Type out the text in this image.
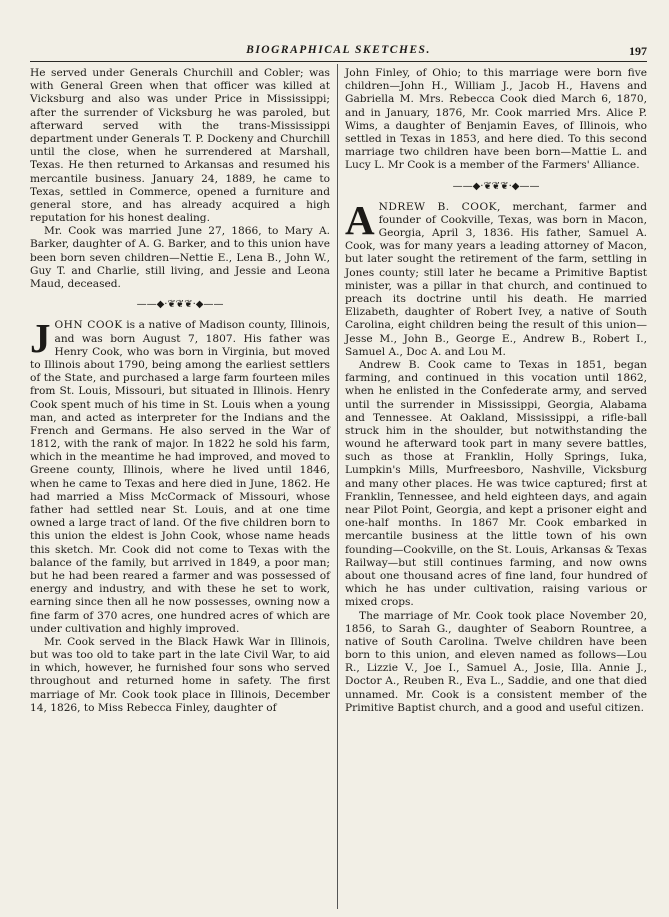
BIOGRAPHICAL SKETCHES.	197

He served under Generals Churchill and Cobler; was with General Green when that officer was killed at Vicksburg and also was under Price in Mississippi; after the surrender of Vicksburg he was paroled, but afterward served with the trans-Mississippi department under Generals T. P. Dockeny and Churchill until the close, when he surrendered at Marshall, Texas. He then returned to Arkansas and resumed his mercantile business. January 24, 1889, he came to Texas, settled in Commerce, opened a furniture and general store, and has already acquired a high reputation for his honest dealing.

Mr. Cook was married June 27, 1866, to Mary A. Barker, daughter of A. G. Barker, and to this union have been born seven children—Nettie E., Lena B., John W., Guy T. and Charlie, still living, and Jessie and Leona Maud, deceased.

——◆·❦❦❦·◆——

JOHN COOK is a native of Madison county, Illinois, and was born August 7, 1807. His father was Henry Cook, who was born in Virginia, but moved to Illinois about 1790, being among the earliest settlers of the State, and purchased a large farm fourteen miles from St. Louis, Missouri, but situated in Illinois. Henry Cook spent much of his time in St. Louis when a young man, and acted as interpreter for the Indians and the French and Germans. He also served in the War of 1812, with the rank of major. In 1822 he sold his farm, which in the meantime he had improved, and moved to Greene county, Illinois, where he lived until 1846, when he came to Texas and here died in June, 1862. He had married a Miss McCormack of Missouri, whose father had settled near St. Louis, and at one time owned a large tract of land. Of the five children born to this union the eldest is John Cook, whose name heads this sketch. Mr. Cook did not come to Texas with the balance of the family, but arrived in 1849, a poor man; but he had been reared a farmer and was possessed of energy and industry, and with these he set to work, earning since then all he now possesses, owning now a fine farm of 370 acres, one hundred acres of which are under cultivation and highly improved.

Mr. Cook served in the Black Hawk War in Illinois, but was too old to take part in the late Civil War, to aid in which, however, he furnished four sons who served throughout and returned home in safety. The first marriage of Mr. Cook took place in Illinois, December 14, 1826, to Miss Rebecca Finley, daughter of

John Finley, of Ohio; to this marriage were born five children—John H., William J., Jacob H., Havens and Gabriella M. Mrs. Rebecca Cook died March 6, 1870, and in January, 1876, Mr. Cook married Mrs. Alice P. Wims, a daughter of Benjamin Eaves, of Illinois, who settled in Texas in 1853, and here died. To this second marriage two children have been born—Mattie L. and Lucy L. Mr Cook is a member of the Farmers' Alliance.

——◆·❦❦❦·◆——

ANDREW B. COOK, merchant, farmer and founder of Cookville, Texas, was born in Macon, Georgia, April 3, 1836. His father, Samuel A. Cook, was for many years a leading attorney of Macon, but later sought the retirement of the farm, settling in Jones county; still later he became a Primitive Baptist minister, was a pillar in that church, and continued to preach its doctrine until his death. He married Elizabeth, daughter of Robert Ivey, a native of South Carolina, eight children being the result of this union—Jesse M., John B., George E., Andrew B., Robert I., Samuel A., Doc A. and Lou M.

Andrew B. Cook came to Texas in 1851, began farming, and continued in this vocation until 1862, when he enlisted in the Confederate army, and served until the surrender in Mississippi, Georgia, Alabama and Tennessee. At Oakland, Mississippi, a rifle-ball struck him in the shoulder, but notwithstanding the wound he afterward took part in many severe battles, such as those at Franklin, Holly Springs, Iuka, Lumpkin's Mills, Murfreesboro, Nashville, Vicksburg and many other places. He was twice captured; first at Franklin, Tennessee, and held eighteen days, and again near Pilot Point, Georgia, and kept a prisoner eight and one-half months. In 1867 Mr. Cook embarked in mercantile business at the little town of his own founding—Cookville, on the St. Louis, Arkansas & Texas Railway—but still continues farming, and now owns about one thousand acres of fine land, four hundred of which he has under cultivation, raising various or mixed crops.

The marriage of Mr. Cook took place November 20, 1856, to Sarah G., daughter of Seaborn Rountree, a native of South Carolina. Twelve children have been born to this union, and eleven named as follows—Lou R., Lizzie V., Joe I., Samuel A., Josie, Illa. Annie J., Doctor A., Reuben R., Eva L., Saddie, and one that died unnamed. Mr. Cook is a consistent member of the Primitive Baptist church, and a good and useful citizen.
